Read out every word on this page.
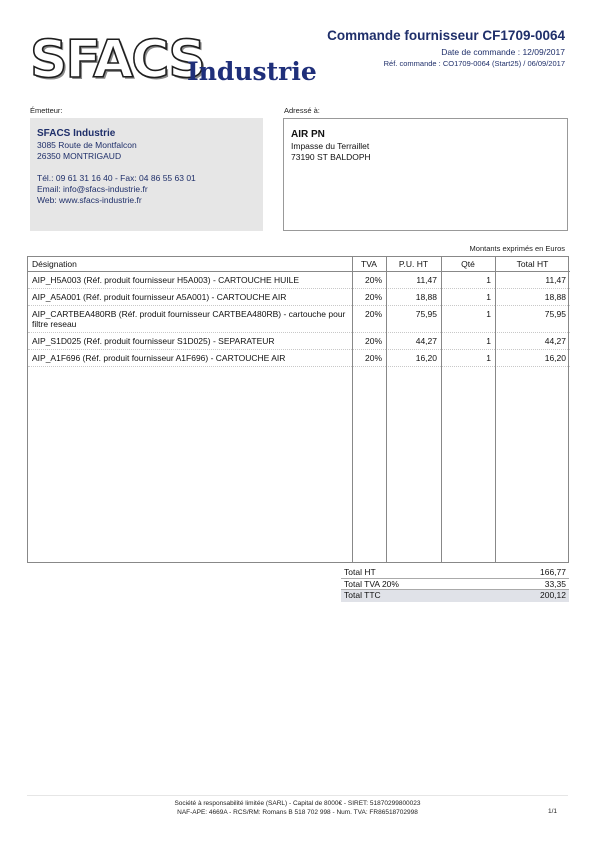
SFACS
Industrie
Commande fournisseur CF1709-0064
Date de commande : 12/09/2017
Réf. commande : CO1709-0064 (Start25) / 06/09/2017
Émetteur:	Adressé à:
SFACS Industrie
3085 Route de Montfalcon
26350 MONTRIGAUD
Tél.: 09 61 31 16 40 - Fax: 04 86 55 63 01
Email: info@sfacs-industrie.fr
Web: www.sfacs-industrie.fr
AIR PN
Impasse du Terraillet
73190 ST BALDOPH
Montants exprimés en Euros
Désignation	TVA	P.U. HT	Qté	Total HT
AIP_H5A003 (Réf. produit fournisseur H5A003) - CARTOUCHE HUILE	20%	11,47	1	11,47
AIP_A5A001 (Réf. produit fournisseur A5A001) - CARTOUCHE AIR	20%	18,88	1	18,88
AIP_CARTBEA480RB (Réf. produit fournisseur CARTBEA480RB) - cartouche pour filtre reseau	20%	75,95	1	75,95
AIP_S1D025 (Réf. produit fournisseur S1D025) - SEPARATEUR	20%	44,27	1	44,27
AIP_A1F696 (Réf. produit fournisseur A1F696) - CARTOUCHE AIR	20%	16,20	1	16,20
Total HT	166,77
Total TVA 20%	33,35
Total TTC	200,12
Société à responsabilité limitée (SARL) - Capital de 8000€ - SIRET: 51870299800023
NAF-APE: 4669A - RCS/RM: Romans B 518 702 998 - Num. TVA: FR86518702998	1/1
